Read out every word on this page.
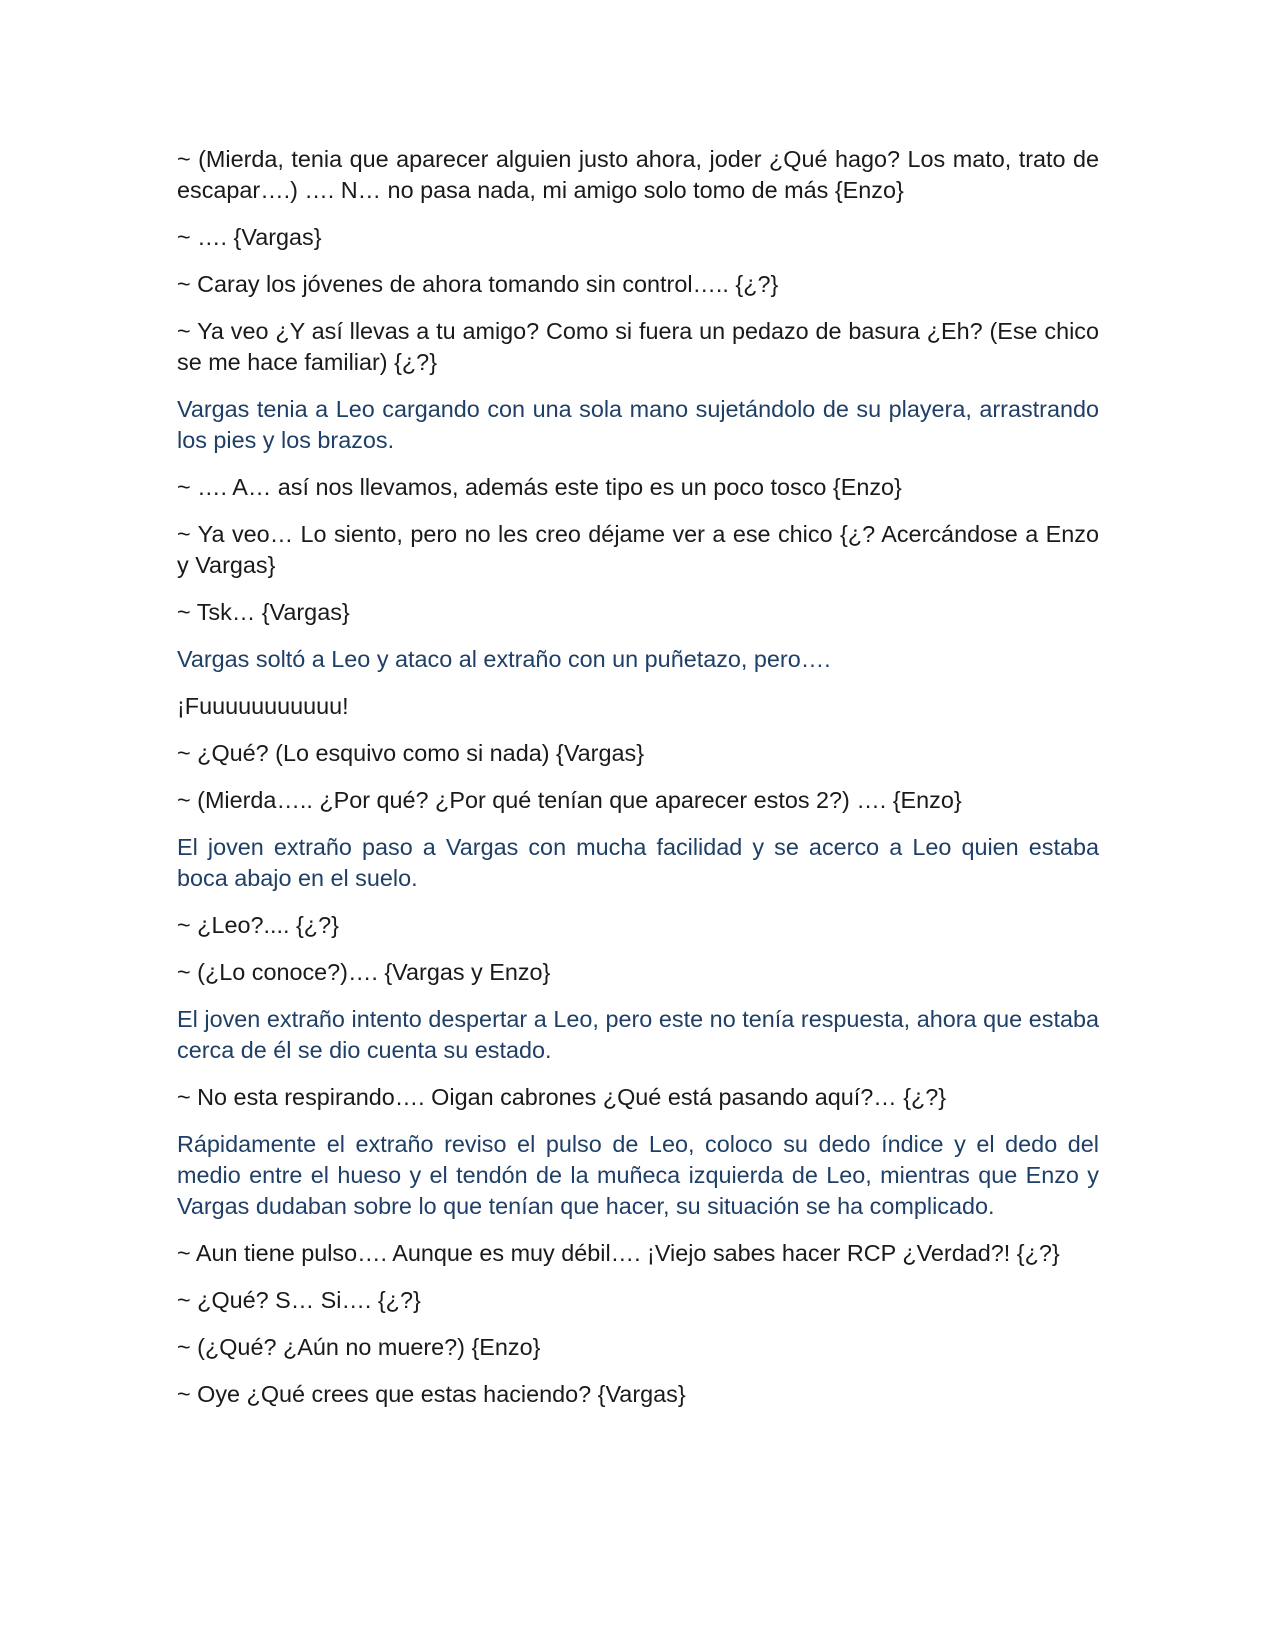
~ (Mierda, tenia que aparecer alguien justo ahora, joder ¿Qué hago? Los mato, trato de escapar….) …. N… no pasa nada, mi amigo solo tomo de más {Enzo}

~ …. {Vargas}

~ Caray los jóvenes de ahora tomando sin control….. {¿?}

~ Ya veo ¿Y así llevas a tu amigo? Como si fuera un pedazo de basura ¿Eh? (Ese chico se me hace familiar) {¿?}

Vargas tenia a Leo cargando con una sola mano sujetándolo de su playera, arrastrando los pies y los brazos.

~ …. A… así nos llevamos, además este tipo es un poco tosco {Enzo}

~ Ya veo… Lo siento, pero no les creo déjame ver a ese chico {¿? Acercándose a Enzo y Vargas}

~ Tsk… {Vargas}

Vargas soltó a Leo y ataco al extraño con un puñetazo, pero….

¡Fuuuuuuuuuuu!

~ ¿Qué? (Lo esquivo como si nada) {Vargas}

~ (Mierda….. ¿Por qué? ¿Por qué tenían que aparecer estos 2?) …. {Enzo}

El joven extraño paso a Vargas con mucha facilidad y se acerco a Leo quien estaba boca abajo en el suelo.

~ ¿Leo?.... {¿?}

~ (¿Lo conoce?)…. {Vargas y Enzo}

El joven extraño intento despertar a Leo, pero este no tenía respuesta, ahora que estaba cerca de él se dio cuenta su estado.

~ No esta respirando…. Oigan cabrones ¿Qué está pasando aquí?… {¿?}

Rápidamente el extraño reviso el pulso de Leo, coloco su dedo índice y el dedo del medio entre el hueso y el tendón de la muñeca izquierda de Leo, mientras que Enzo y Vargas dudaban sobre lo que tenían que hacer, su situación se ha complicado.

~ Aun tiene pulso…. Aunque es muy débil…. ¡Viejo sabes hacer RCP ¿Verdad?! {¿?}

~ ¿Qué? S… Si…. {¿?}

~ (¿Qué? ¿Aún no muere?) {Enzo}

~ Oye ¿Qué crees que estas haciendo? {Vargas}
